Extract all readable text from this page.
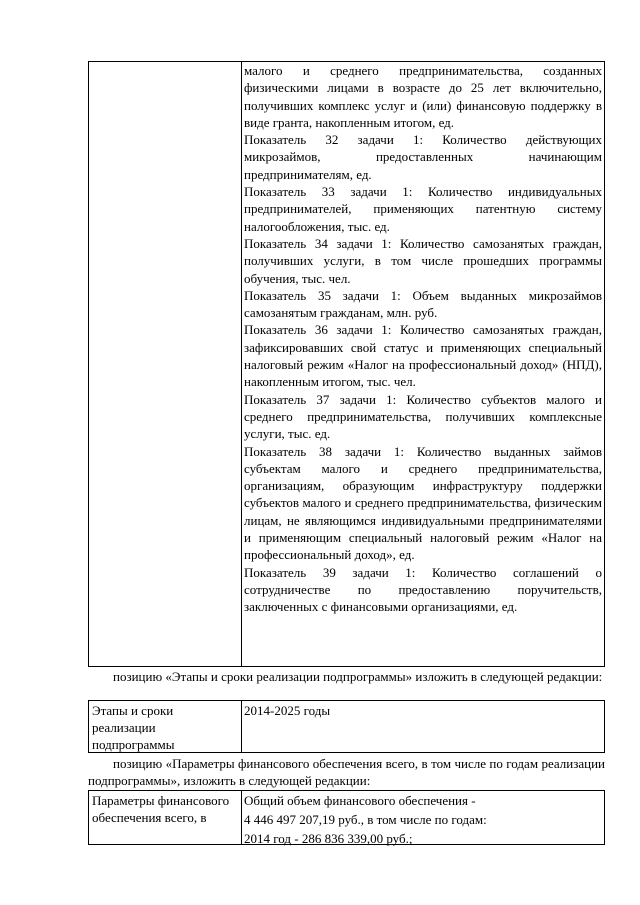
малого и среднего предпринимательства, созданных физическими лицами в возрасте до 25 лет включительно, получивших комплекс услуг и (или) финансовую поддержку в виде гранта, накопленным итогом, ед.

Показатель 32 задачи 1: Количество действующих микрозаймов, предоставленных начинающим предпринимателям, ед.

Показатель 33 задачи 1: Количество индивидуальных предпринимателей, применяющих патентную систему налогообложения, тыс. ед.

Показатель 34 задачи 1: Количество самозанятых граждан, получивших услуги, в том числе прошедших программы обучения, тыс. чел.

Показатель 35 задачи 1: Объем выданных микрозаймов самозанятым гражданам, млн. руб.

Показатель 36 задачи 1: Количество самозанятых граждан, зафиксировавших свой статус и применяющих специальный налоговый режим «Налог на профессиональный доход» (НПД), накопленным итогом, тыс. чел.

Показатель 37 задачи 1: Количество субъектов малого и среднего предпринимательства, получивших комплексные услуги, тыс. ед.

Показатель 38 задачи 1: Количество выданных займов субъектам малого и среднего предпринимательства, организациям, образующим инфраструктуру поддержки субъектов малого и среднего предпринимательства, физическим лицам, не являющимся индивидуальными предпринимателями и применяющим специальный налоговый режим «Налог на профессиональный доход», ед.

Показатель 39 задачи 1: Количество соглашений о сотрудничестве по предоставлению поручительств, заключенных с финансовыми организациями, ед.

позицию «Этапы и сроки реализации подпрограммы» изложить в следующей редакции:

Этапы и сроки реализации подпрограммы

2014-2025 годы

позицию «Параметры финансового обеспечения всего, в том числе по годам реализации подпрограммы», изложить в следующей редакции:

Параметры финансового обеспечения всего, в

Общий объем финансового обеспечения -

4 446 497 207,19 руб., в том числе по годам:

2014 год - 286 836 339,00 руб.;
